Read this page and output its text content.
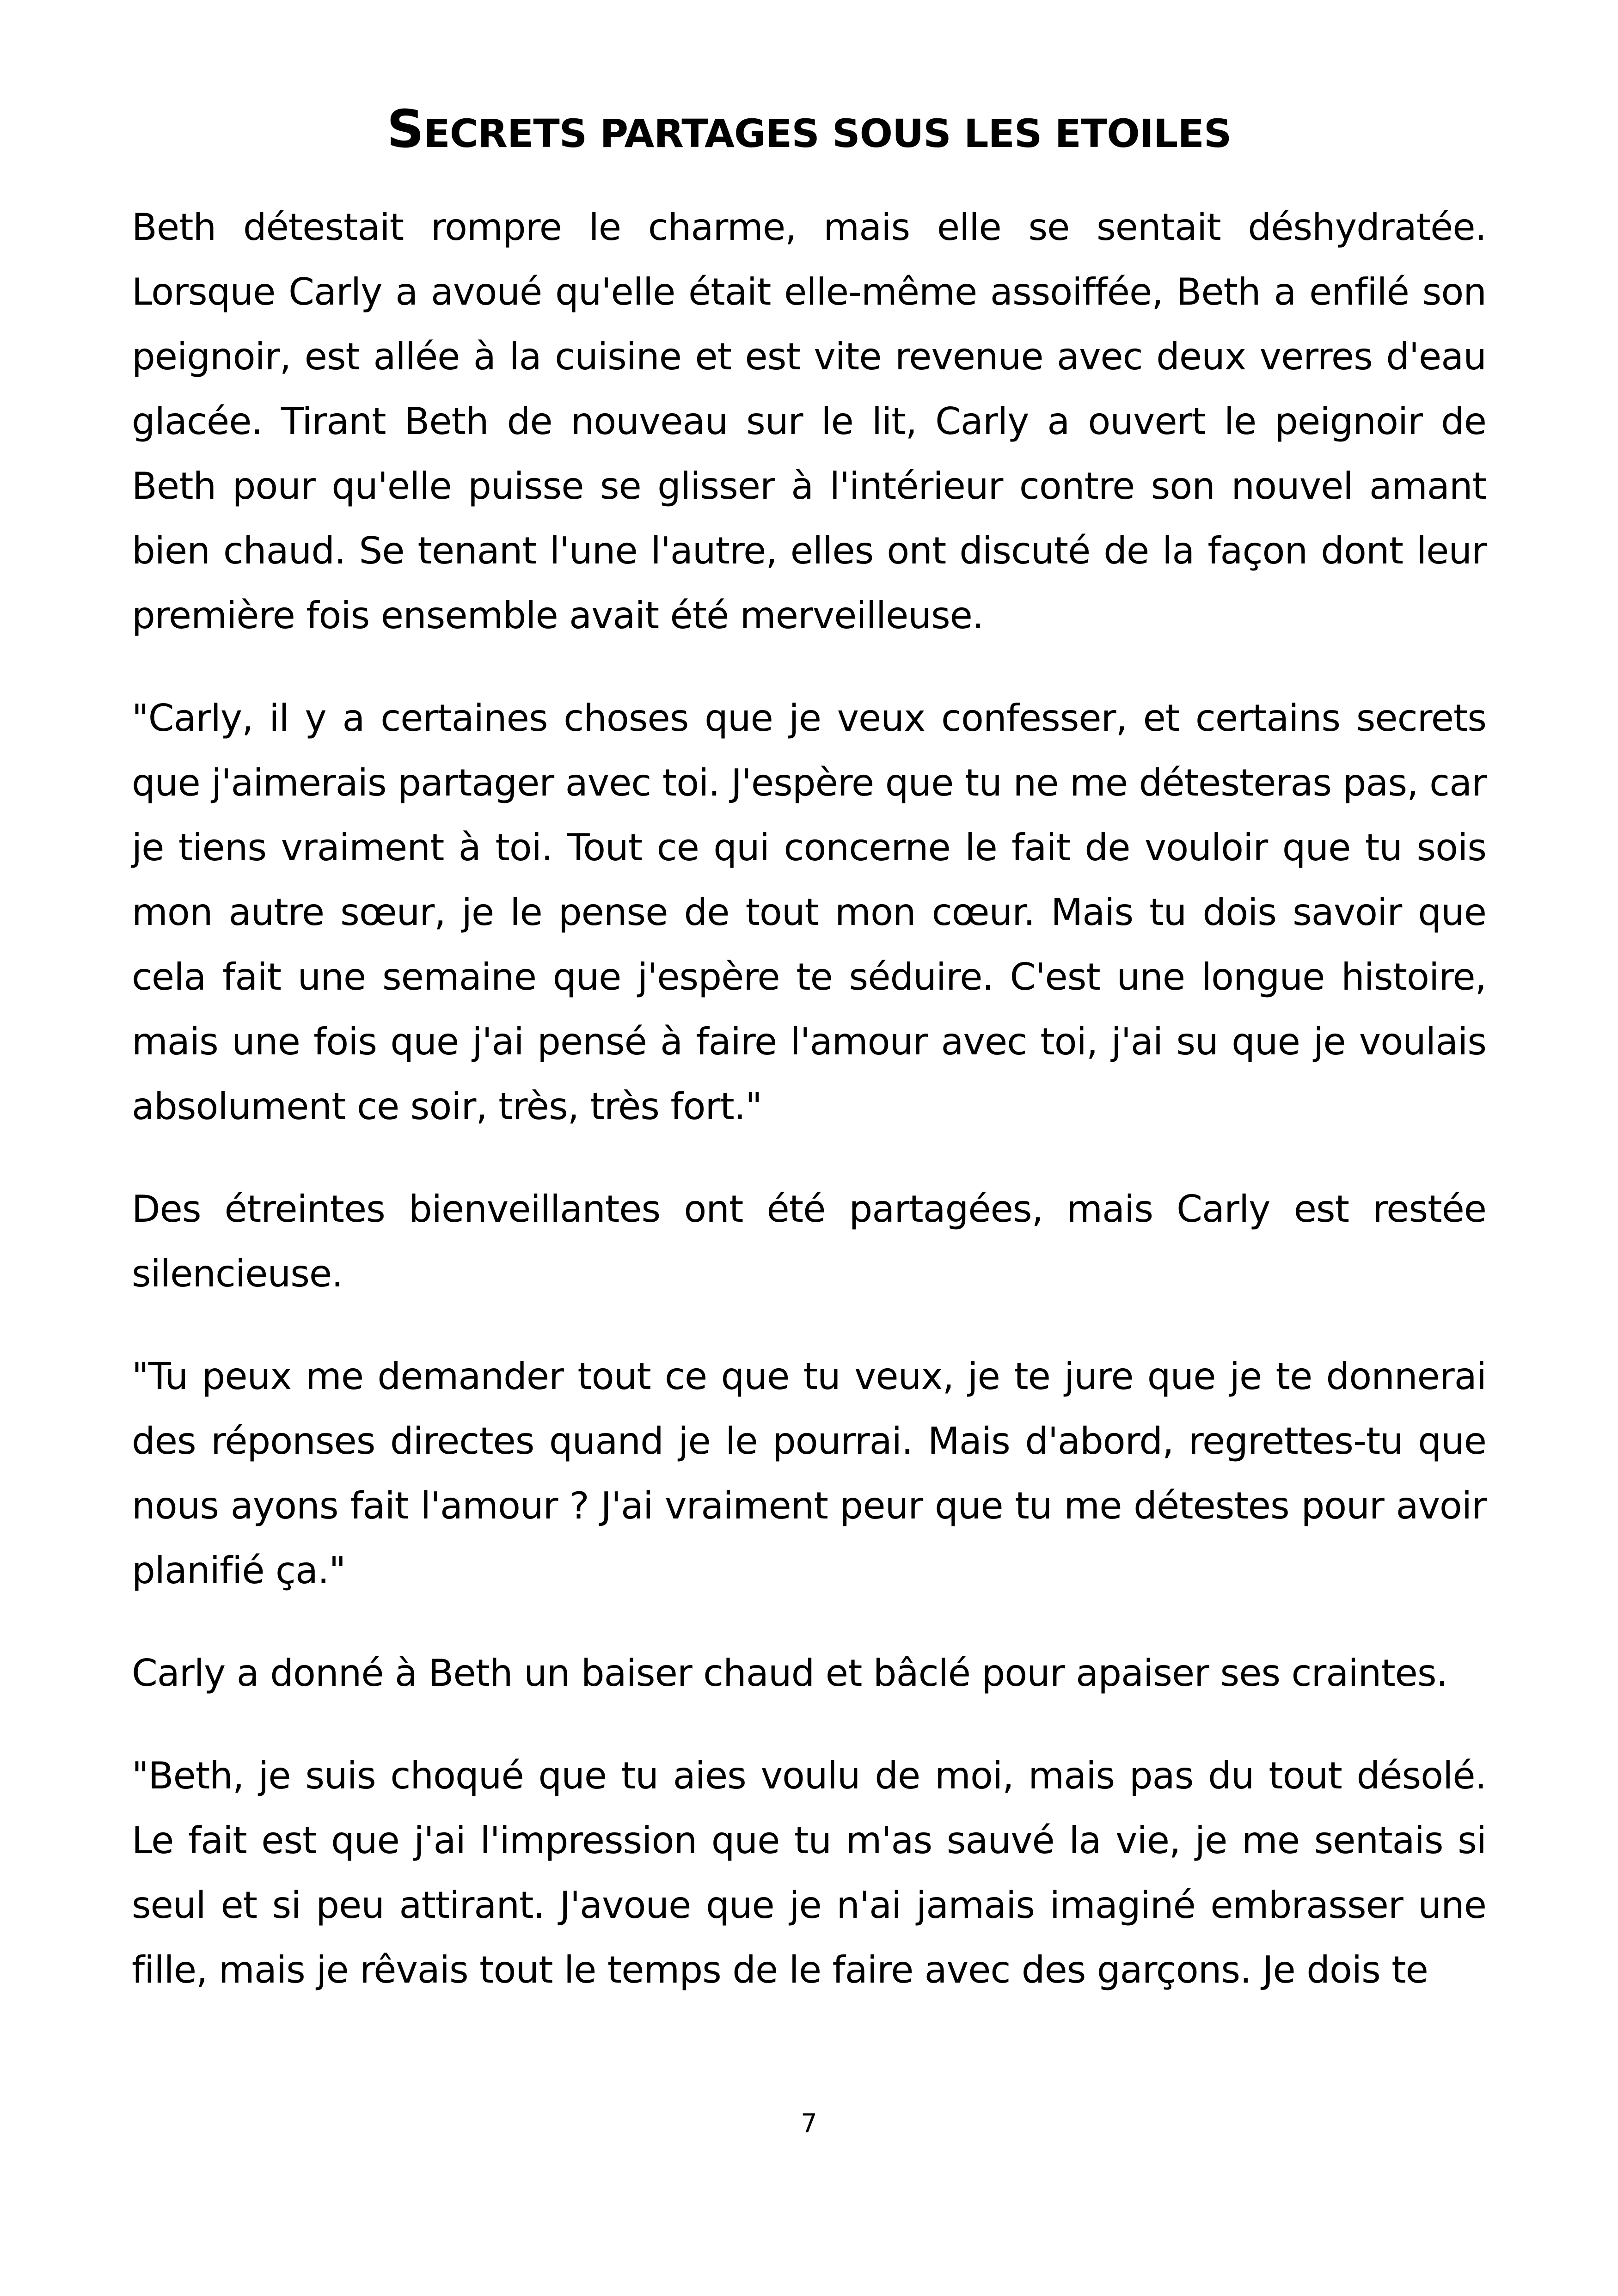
SECRETS PARTAGES SOUS LES ETOILES

Beth détestait rompre le charme, mais elle se sentait déshydratée. Lorsque Carly a avoué qu'elle était elle-même assoiffée, Beth a enfilé son peignoir, est allée à la cuisine et est vite revenue avec deux verres d'eau glacée. Tirant Beth de nouveau sur le lit, Carly a ouvert le peignoir de Beth pour qu'elle puisse se glisser à l'intérieur contre son nouvel amant bien chaud. Se tenant l'une l'autre, elles ont discuté de la façon dont leur première fois ensemble avait été merveilleuse.

"Carly, il y a certaines choses que je veux confesser, et certains secrets que j'aimerais partager avec toi. J'espère que tu ne me détesteras pas, car je tiens vraiment à toi. Tout ce qui concerne le fait de vouloir que tu sois mon autre sœur, je le pense de tout mon cœur. Mais tu dois savoir que cela fait une semaine que j'espère te séduire. C'est une longue histoire, mais une fois que j'ai pensé à faire l'amour avec toi, j'ai su que je voulais absolument ce soir, très, très fort."

Des étreintes bienveillantes ont été partagées, mais Carly est restée silencieuse.

"Tu peux me demander tout ce que tu veux, je te jure que je te donnerai des réponses directes quand je le pourrai. Mais d'abord, regrettes-tu que nous ayons fait l'amour ? J'ai vraiment peur que tu me détestes pour avoir planifié ça."

Carly a donné à Beth un baiser chaud et bâclé pour apaiser ses craintes.

"Beth, je suis choqué que tu aies voulu de moi, mais pas du tout désolé. Le fait est que j'ai l'impression que tu m'as sauvé la vie, je me sentais si seul et si peu attirant. J'avoue que je n'ai jamais imaginé embrasser une fille, mais je rêvais tout le temps de le faire avec des garçons. Je dois te

7
